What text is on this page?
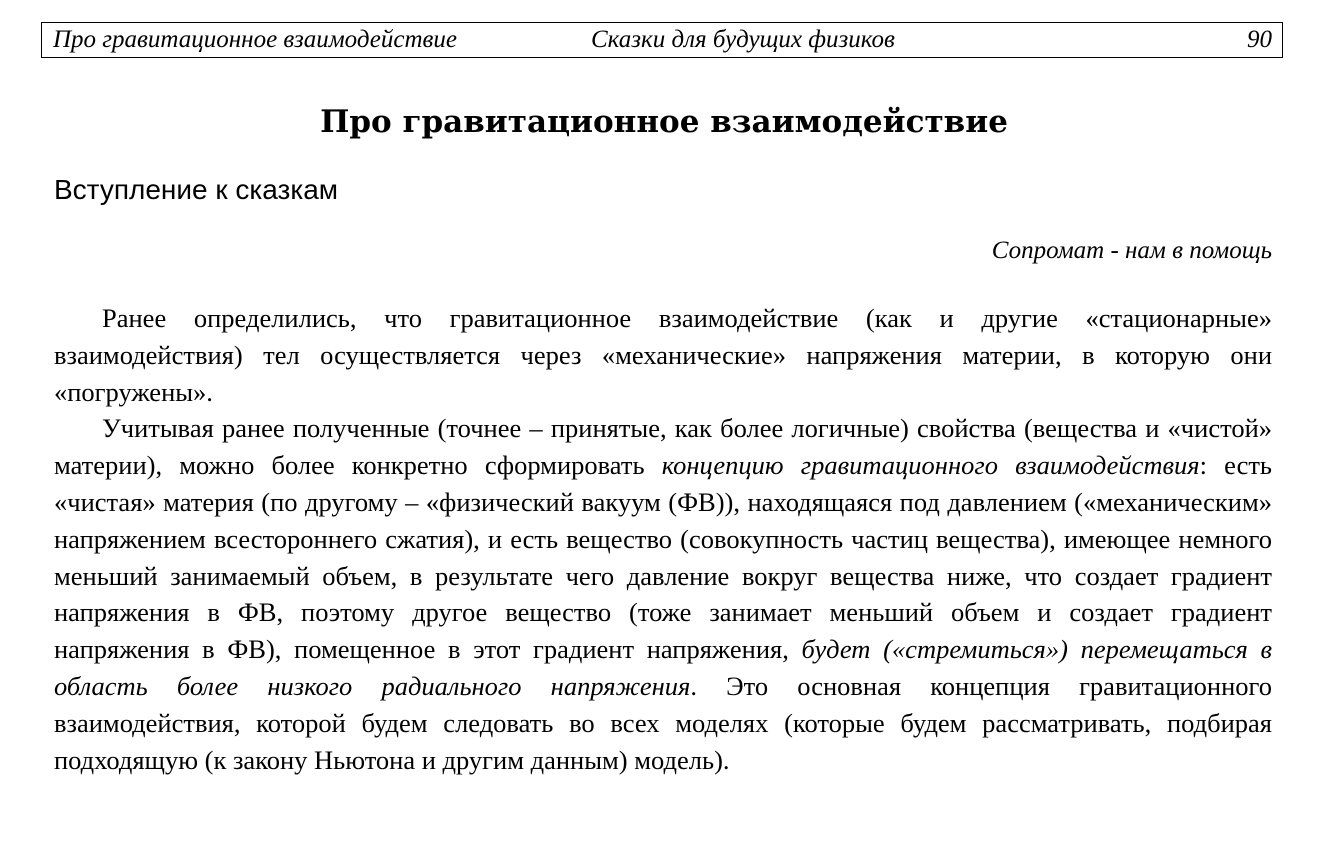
Про гравитационное взаимодействие	Сказки для будущих физиков	90
Про гравитационное взаимодействие
Вступление к сказкам
Сопромат - нам в помощь

Ранее определились, что гравитационное взаимодействие (как и другие «стационарные» взаимодействия) тел осуществляется через «механические» напряжения материи, в которую они «погружены».

Учитывая ранее полученные (точнее – принятые, как более логичные) свойства (вещества и «чистой» материи), можно более конкретно сформировать концепцию гравитационного взаимодействия: есть «чистая» материя (по другому – «физический вакуум (ФВ)), находящаяся под давлением («механическим» напряжением всестороннего сжатия), и есть вещество (совокупность частиц вещества), имеющее немного меньший занимаемый объем, в результате чего давление вокруг вещества ниже, что создает градиент напряжения в ФВ, поэтому другое вещество (тоже занимает меньший объем и создает градиент напряжения в ФВ), помещенное в этот градиент напряжения, будет («стремиться») перемещаться в область более низкого радиального напряжения. Это основная концепция гравитационного взаимодействия, которой будем следовать во всех моделях (которые будем рассматривать, подбирая подходящую (к закону Ньютона и другим данным) модель).
